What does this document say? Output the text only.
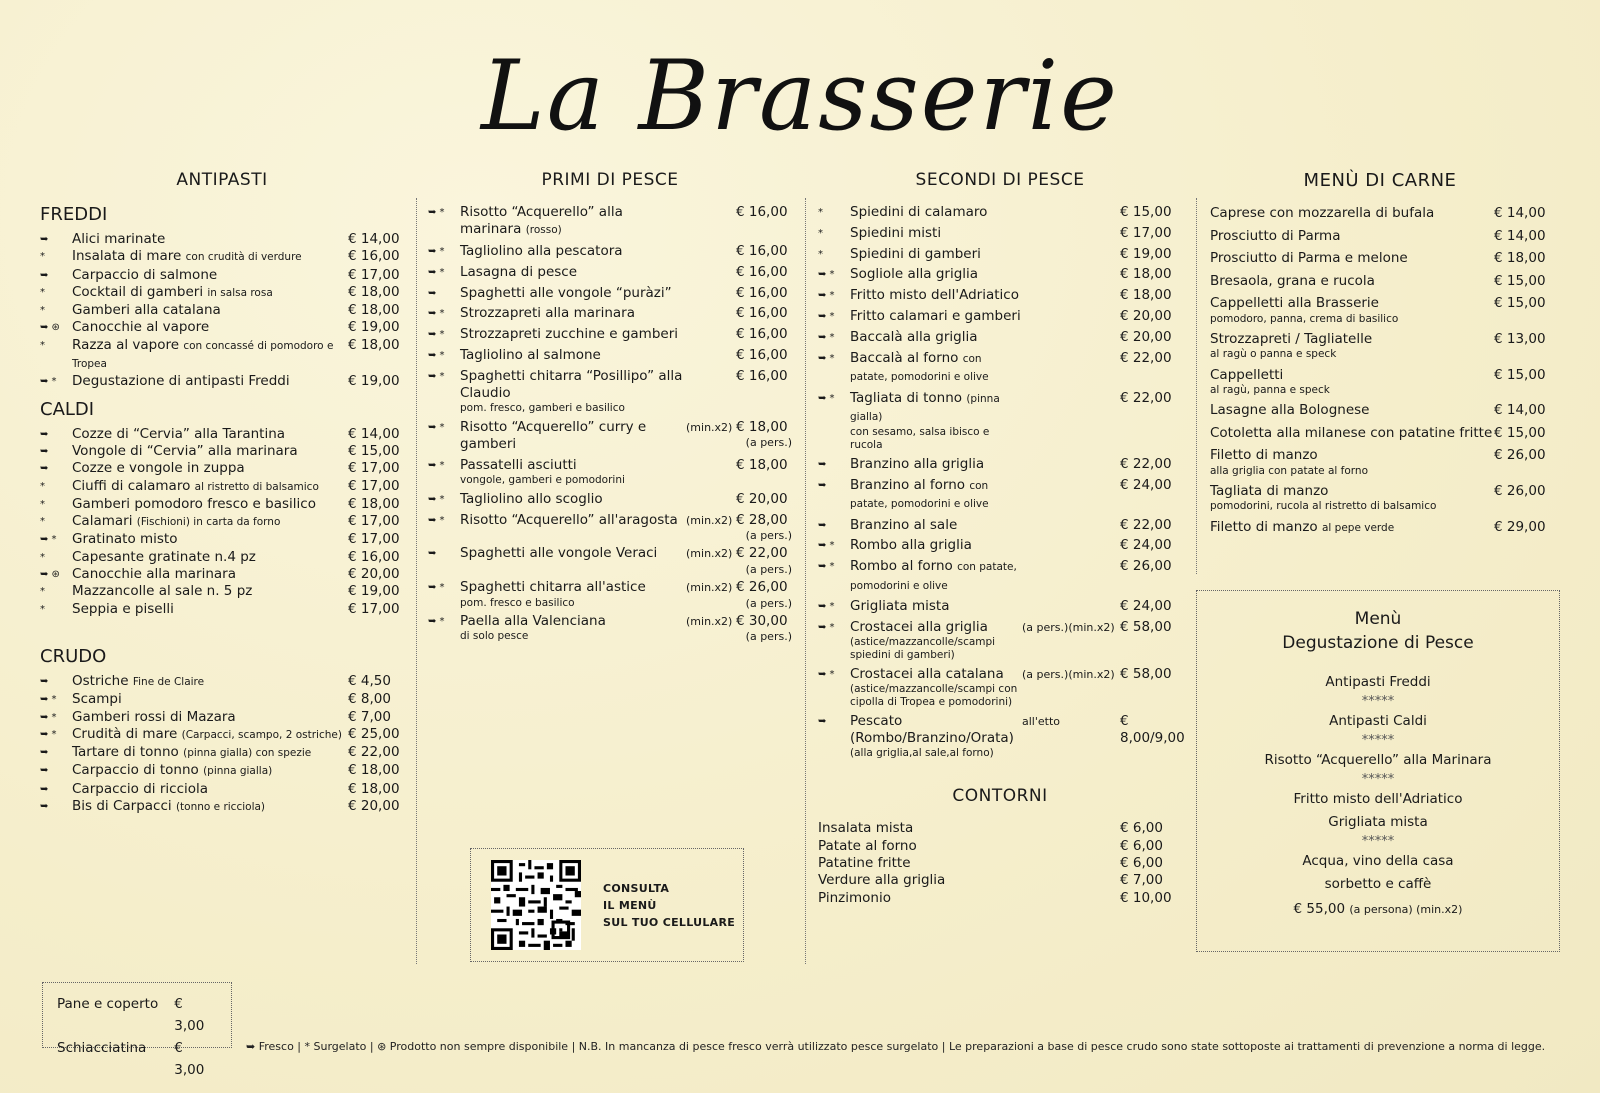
La Brasserie
ANTIPASTI
FREDDI
➥	Alici marinate	€ 14,00
*	Insalata di mare con crudità di verdure	€ 16,00
➥	Carpaccio di salmone	€ 17,00
*	Cocktail di gamberi in salsa rosa	€ 18,00
*	Gamberi alla catalana	€ 18,00
➥ ⊛ Canocchie al vapore	€ 19,00
*	Razza al vapore con concassé di pomodoro e Tropea
€ 18,00
➥ *	Degustazione di antipasti Freddi	€ 19,00
CALDI
➥	Cozze di “Cervia” alla Tarantina	€ 14,00
➥	Vongole di “Cervia” alla marinara	€ 15,00
➥	Cozze e vongole in zuppa	€ 17,00
*	Ciuffi di calamaro al ristretto di balsamico	€ 17,00
*	Gamberi pomodoro fresco e basilico	€ 18,00
*	Calamari (Fischioni) in carta da forno	€ 17,00
➥ *	Gratinato misto	€ 17,00
*	Capesante gratinate n.4 pz	€ 16,00
➥ ⊛ Canocchie alla marinara	€ 20,00
*	Mazzancolle al sale n. 5 pz	€ 19,00
*	Seppia e piselli	€ 17,00
CRUDO
➥	Ostriche Fine de Claire	€ 4,50
➥ *	Scampi	€ 8,00
➥ *	Gamberi rossi di Mazara	€ 7,00
➥ *	Crudità di mare (Carpacci, scampo, 2 ostriche) € 25,00
➥	Tartare di tonno (pinna gialla) con spezie	€ 22,00
➥	Carpaccio di tonno (pinna gialla)	€ 18,00
➥	Carpaccio di ricciola	€ 18,00
➥	Bis di Carpacci (tonno e ricciola)	€ 20,00
PRIMI DI PESCE
➥ *	Risotto “Acquerello” alla marinara (rosso)
€ 16,00
➥ *	Tagliolino alla pescatora	€ 16,00
➥ *	Lasagna di pesce	€ 16,00
➥	Spaghetti alle vongole “puràzi”	€ 16,00
➥ *	Strozzapreti alla marinara	€ 16,00
➥ *	Strozzapreti zucchine e gamberi	€ 16,00
➥ *	Tagliolino al salmone	€ 16,00
➥ *	Spaghetti chitarra “Posillipo” alla Claudio
pom. fresco, gamberi e basilico
€ 16,00
➥ *	Risotto “Acquerello” curry e gamberi
(min.x2) € 18,00
(a pers.)
➥ *	Passatelli asciutti
vongole, gamberi e pomodorini
€ 18,00
➥ *	Tagliolino allo scoglio	€ 20,00
➥ *	Risotto “Acquerello” all'aragosta (min.x2) € 28,00
(a pers.)
➥	Spaghetti alle vongole Veraci	(min.x2) € 22,00
(a pers.)
➥ *	Spaghetti chitarra all'astice
pom. fresco e basilico
(min.x2) € 26,00
(a pers.)
➥ *	Paella alla Valenciana
di solo pesce
(min.x2) € 30,00
(a pers.)
CONSULTA
IL MENÙ
SUL TUO CELLULARE
SECONDI DI PESCE
*	Spiedini di calamaro	€ 15,00
*	Spiedini misti	€ 17,00
*	Spiedini di gamberi	€ 19,00
➥ *	Sogliole alla griglia	€ 18,00
➥ *	Fritto misto dell'Adriatico	€ 18,00
➥ *	Fritto calamari e gamberi	€ 20,00
➥ *	Baccalà alla griglia	€ 20,00
➥ *	Baccalà al forno con patate, pomodorini e olive
€ 22,00
➥ *	Tagliata di tonno (pinna gialla)
con sesamo, salsa ibisco e rucola
€ 22,00
➥	Branzino alla griglia	€ 22,00
➥	Branzino al forno con patate, pomodorini e olive
€ 24,00
➥	Branzino al sale	€ 22,00
➥ *	Rombo alla griglia	€ 24,00
➥ *	Rombo al forno con patate, pomodorini e olive
€ 26,00
➥ *	Grigliata mista	€ 24,00
➥ *	Crostacei alla griglia
(astice/mazzancolle/scampi spiedini di gamberi)
(a pers.)(min.x2) € 58,00
➥ *	Crostacei alla catalana
(astice/mazzancolle/scampi con cipolla di Tropea e pomodorini)
(a pers.)(min.x2) € 58,00
➥	Pescato (Rombo/Branzino/Orata)
(alla griglia,al sale,al forno)
all'etto	€ 8,00/9,00
CONTORNI
Insalata mista	€ 6,00
Patate al forno	€ 6,00
Patatine fritte	€ 6,00
Verdure alla griglia	€ 7,00
Pinzimonio	€ 10,00
MENÙ DI CARNE
Caprese con mozzarella di bufala	€ 14,00
Prosciutto di Parma	€ 14,00
Prosciutto di Parma e melone	€ 18,00
Bresaola, grana e rucola	€ 15,00
Cappelletti alla Brasserie
pomodoro, panna, crema di basilico
€ 15,00
Strozzapreti / Tagliatelle
al ragù o panna e speck
€ 13,00
Cappelletti
al ragù, panna e speck
€ 15,00
Lasagne alla Bolognese	€ 14,00
Cotoletta alla milanese con patatine fritte € 15,00
Filetto di manzo
alla griglia con patate al forno
€ 26,00
Tagliata di manzo
pomodorini, rucola al ristretto di balsamico
€ 26,00
Filetto di manzo al pepe verde	€ 29,00
Menù
Degustazione di Pesce
Antipasti Freddi
*****
Antipasti Caldi
*****
Risotto “Acquerello” alla Marinara
*****
Fritto misto dell'Adriatico
Grigliata mista
*****
Acqua, vino della casa
sorbetto e caffè
€ 55,00 (a persona) (min.x2)
Pane e coperto	€ 3,00
Schiacciatina	€ 3,00
➥ Fresco | * Surgelato | ⊛ Prodotto non sempre disponibile | N.B. In mancanza di pesce fresco verrà utilizzato pesce surgelato | Le preparazioni a base di pesce crudo sono state sottoposte ai trattamenti di prevenzione a norma di legge.
